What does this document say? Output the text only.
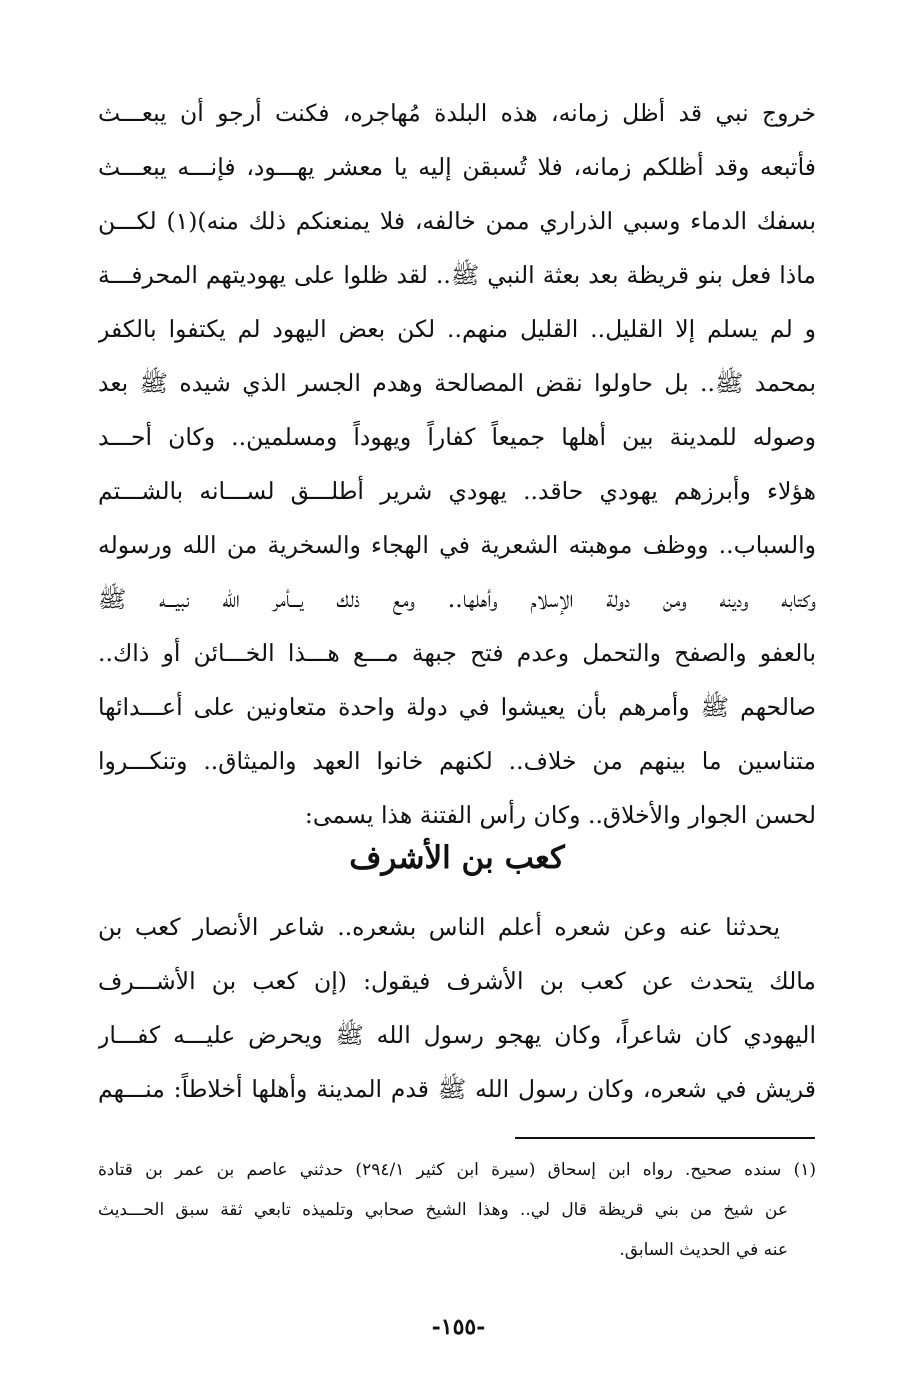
خروج نبي قد أظل زمانه، هذه البلدة مُهاجره، فكنت أرجو أن يبعـــث
فأتبعه وقد أظلكم زمانه، فلا تُسبقن إليه يا معشر يهـــود، فإنـــه يبعـــث
بسفك الدماء وسبي الذراري ممن خالفه، فلا يمنعنكم ذلك منه)(١) لكـــن
ماذا فعل بنو قريظة بعد بعثة النبي ﷺ.. لقد ظلوا على يهوديتهم المحرفـــة
و لم يسلم إلا القليل.. القليل منهم.. لكن بعض اليهود لم يكتفوا بالكفر
بمحمد ﷺ.. بل حاولوا نقض المصالحة وهدم الجسر الذي شيده ﷺ بعد
وصوله للمدينة بين أهلها جميعاً كفاراً ويهوداً ومسلمين.. وكان أحـــد
هؤلاء وأبرزهم يهودي حاقد.. يهودي شرير أطلـــق لســـانه بالشـــتم
والسباب.. ووظف موهبته الشعرية في الهجاء والسخرية من الله ورسوله
وكتابه ودينه ومن دولة الإسلام وأهلها.. ومع ذلك يـــأمر الله نبيـــه ﷺ
بالعفو والصفح والتحمل وعدم فتح جبهة مـــع هـــذا الخـــائن أو ذاك..
صالحهم ﷺ وأمرهم بأن يعيشوا في دولة واحدة متعاونين على أعـــدائها
متناسين ما بينهم من خلاف.. لكنهم خانوا العهد والميثاق.. وتنكـــروا
لحسن الجوار والأخلاق.. وكان رأس الفتنة هذا يسمى:
كعب بن الأشرف
يحدثنا عنه وعن شعره أعلم الناس بشعره.. شاعر الأنصار كعب بن
مالك يتحدث عن كعب بن الأشرف فيقول: (إن كعب بن الأشـــرف
اليهودي كان شاعراً، وكان يهجو رسول الله ﷺ ويحرض عليـــه كفـــار
قريش في شعره، وكان رسول الله ﷺ قدم المدينة وأهلها أخلاطاً: منـــهم
(١) سنده صحيح. رواه ابن إسحاق (سيرة ابن كثير ٢٩٤/١) حدثني عاصم بن عمر بن قتادة
عن شيخ من بني قريظة قال لي.. وهذا الشيخ صحابي وتلميذه تابعي ثقة سبق الحـــديث
عنه في الحديث السابق.
-١٥٥-
